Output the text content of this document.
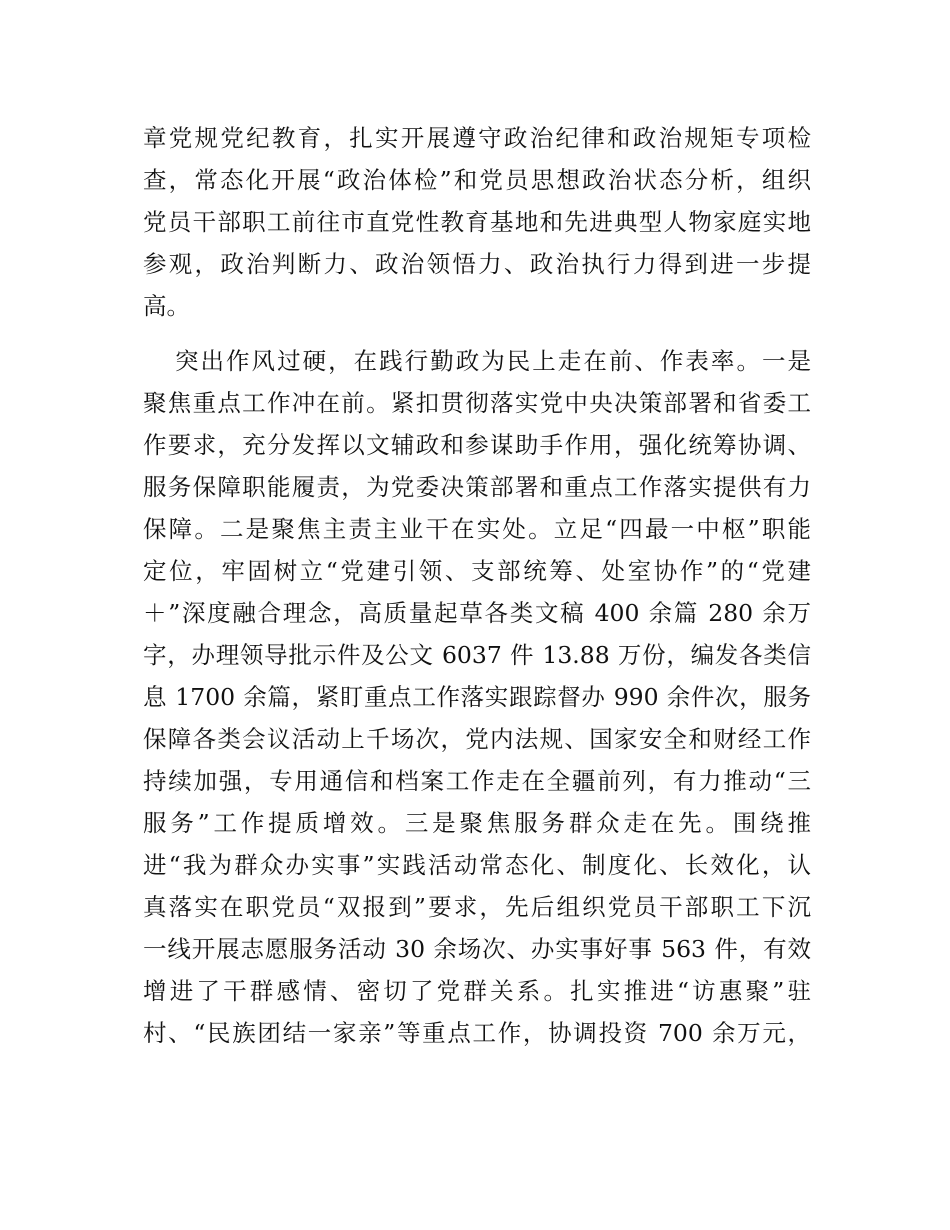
章党规党纪教育，扎实开展遵守政治纪律和政治规矩专项检
查，常态化开展“政治体检”和党员思想政治状态分析，组织
党员干部职工前往市直党性教育基地和先进典型人物家庭实地
参观，政治判断力、政治领悟力、政治执行力得到进一步提
高。
突出作风过硬，在践行勤政为民上走在前、作表率。一是
聚焦重点工作冲在前。紧扣贯彻落实党中央决策部署和省委工
作要求，充分发挥以文辅政和参谋助手作用，强化统筹协调、
服务保障职能履责，为党委决策部署和重点工作落实提供有力
保障。二是聚焦主责主业干在实处。立足“四最一中枢”职能
定位，牢固树立“党建引领、支部统筹、处室协作”的“党建
＋”深度融合理念，高质量起草各类文稿 400 余篇 280 余万
字，办理领导批示件及公文 6037 件 13.88 万份，编发各类信
息 1700 余篇，紧盯重点工作落实跟踪督办 990 余件次，服务
保障各类会议活动上千场次，党内法规、国家安全和财经工作
持续加强，专用通信和档案工作走在全疆前列，有力推动“三
服务”工作提质增效。三是聚焦服务群众走在先。围绕推
进“我为群众办实事”实践活动常态化、制度化、长效化，认
真落实在职党员“双报到”要求，先后组织党员干部职工下沉
一线开展志愿服务活动 30 余场次、办实事好事 563 件，有效
增进了干群感情、密切了党群关系。扎实推进“访惠聚”驻
村、“民族团结一家亲”等重点工作，协调投资 700 余万元，
